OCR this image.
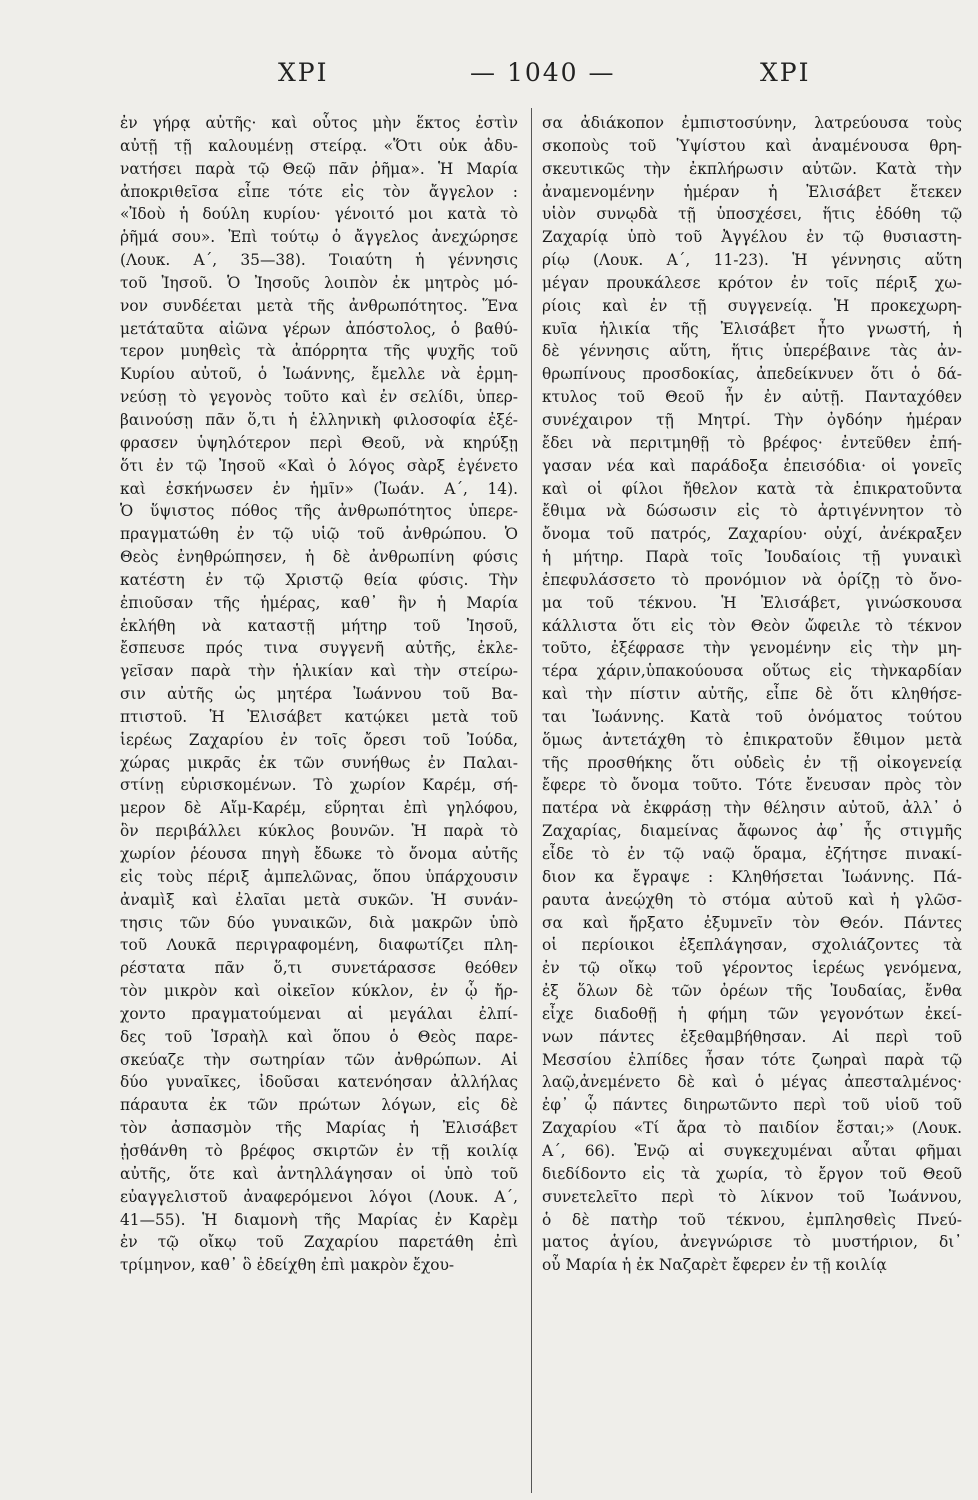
ΧΡΙ	— 1040 —	ΧΡΙ
ἐν γήρᾳ αὐτῆς· καὶ οὗτος μὴν ἕκτος ἐστὶν
αὐτῇ τῇ καλουμένῃ στείρᾳ. «Ὅτι οὐκ ἀδυ-
νατήσει παρὰ τῷ Θεῷ πᾶν ῥῆμα». Ἡ Μαρία
ἀποκριθεῖσα εἶπε τότε εἰς τὸν ἄγγελον :
«Ἰδοὺ ἡ δούλη κυρίου· γένοιτό μοι κατὰ τὸ
ῥῆμά σου». Ἐπὶ τούτῳ ὁ ἄγγελος ἀνεχώρησε
(Λουκ. Α΄, 35—38). Τοιαύτη ἡ γέννησις
τοῦ Ἰησοῦ. Ὁ Ἰησοῦς λοιπὸν ἐκ μητρὸς μό-
νον συνδέεται μετὰ τῆς ἀνθρωπότητος. Ἕνα
μετάταῦτα αἰῶνα γέρων ἀπόστολος, ὁ βαθύ-
τερον μυηθεὶς τὰ ἀπόρρητα τῆς ψυχῆς τοῦ
Κυρίου αὐτοῦ, ὁ Ἰωάννης, ἔμελλε νὰ ἑρμη-
νεύσῃ τὸ γεγονὸς τοῦτο καὶ ἐν σελίδι, ὑπερ-
βαινούσῃ πᾶν ὅ,τι ἡ ἑλληνικὴ φιλοσοφία ἐξέ-
φρασεν ὑψηλότερον περὶ Θεοῦ, νὰ κηρύξῃ
ὅτι ἐν τῷ Ἰησοῦ «Καὶ ὁ λόγος σὰρξ ἐγένετο
καὶ ἐσκήνωσεν ἐν ἡμῖν» (Ἰωάν. Α΄, 14).
Ὁ ὕψιστος πόθος τῆς ἀνθρωπότητος ὑπερε-
πραγματώθη ἐν τῷ υἱῷ τοῦ ἀνθρώπου. Ὁ
Θεὸς ἐνηθρώπησεν, ἡ δὲ ἀνθρωπίνη φύσις
κατέστη ἐν τῷ Χριστῷ θεία φύσις. Τὴν
ἐπιοῦσαν τῆς ἡμέρας, καθ᾽ ἣν ἡ Μαρία
ἐκλήθη νὰ καταστῇ μήτηρ τοῦ Ἰησοῦ,
ἔσπευσε πρός τινα συγγενῆ αὐτῆς, ἐκλε-
γεῖσαν παρὰ τὴν ἡλικίαν καὶ τὴν στείρω-
σιν αὐτῆς ὡς μητέρα Ἰωάννου τοῦ Βα-
πτιστοῦ. Ἡ Ἐλισάβετ κατῴκει μετὰ τοῦ
ἱερέως Ζαχαρίου ἐν τοῖς ὄρεσι τοῦ Ἰούδα,
χώρας μικρᾶς ἐκ τῶν συνήθως ἐν Παλαι-
στίνῃ εὑρισκομένων. Τὸ χωρίον Καρέμ, σή-
μερον δὲ Αἴμ-Καρέμ, εὕρηται ἐπὶ γηλόφου,
ὃν περιβάλλει κύκλος βουνῶν. Ἡ παρὰ τὸ
χωρίον ῥέουσα πηγὴ ἔδωκε τὸ ὄνομα αὐτῆς
εἰς τοὺς πέριξ ἀμπελῶνας, ὅπου ὑπάρχουσιν
ἀναμὶξ καὶ ἐλαῖαι μετὰ συκῶν. Ἡ συνάν-
τησις τῶν δύο γυναικῶν, διὰ μακρῶν ὑπὸ
τοῦ Λουκᾶ περιγραφομένη, διαφωτίζει πλη-
ρέστατα πᾶν ὅ,τι συνετάρασσε θεόθεν
τὸν μικρὸν καὶ οἰκεῖον κύκλον, ἐν ᾧ ἤρ-
χοντο πραγματούμεναι αἱ μεγάλαι ἐλπί-
δες τοῦ Ἰσραὴλ καὶ ὅπου ὁ Θεὸς παρε-
σκεύαζε τὴν σωτηρίαν τῶν ἀνθρώπων. Αἱ
δύο γυναῖκες, ἰδοῦσαι κατενόησαν ἀλλήλας
πάραυτα ἐκ τῶν πρώτων λόγων, εἰς δὲ
τὸν ἀσπασμὸν τῆς Μαρίας ἡ Ἐλισάβετ
ᾐσθάνθη τὸ βρέφος σκιρτῶν ἐν τῇ κοιλίᾳ
αὐτῆς, ὅτε καὶ ἀντηλλάγησαν οἱ ὑπὸ τοῦ
εὐαγγελιστοῦ ἀναφερόμενοι λόγοι (Λουκ. Α΄,
41—55). Ἡ διαμονὴ τῆς Μαρίας ἐν Καρὲμ
ἐν τῷ οἴκῳ τοῦ Ζαχαρίου παρετάθη ἐπὶ
τρίμηνον, καθ᾽ ὃ ἐδείχθη ἐπὶ μακρὸν ἔχου-
σα ἀδιάκοπον ἐμπιστοσύνην, λατρεύουσα τοὺς
σκοποὺς τοῦ Ὑψίστου καὶ ἀναμένουσα θρη-
σκευτικῶς τὴν ἐκπλήρωσιν αὐτῶν. Κατὰ τὴν
ἀναμενομένην ἡμέραν ἡ Ἐλισάβετ ἔτεκεν
υἱὸν συνῳδὰ τῇ ὑποσχέσει, ἥτις ἐδόθη τῷ
Ζαχαρίᾳ ὑπὸ τοῦ Ἀγγέλου ἐν τῷ θυσιαστη-
ρίῳ (Λουκ. Α΄, 11-23). Ἡ γέννησις αὕτη
μέγαν προυκάλεσε κρότον ἐν τοῖς πέριξ χω-
ρίοις καὶ ἐν τῇ συγγενείᾳ. Ἡ προκεχωρη-
κυῖα ἡλικία τῆς Ἐλισάβετ ἦτο γνωστή, ἡ
δὲ γέννησις αὕτη, ἥτις ὑπερέβαινε τὰς ἀν-
θρωπίνους προσδοκίας, ἀπεδείκνυεν ὅτι ὁ δά-
κτυλος τοῦ Θεοῦ ἦν ἐν αὐτῇ. Πανταχόθεν
συνέχαιρον τῇ Μητρί. Τὴν ὀγδόην ἡμέραν
ἔδει νὰ περιτμηθῇ τὸ βρέφος· ἐντεῦθεν ἐπή-
γασαν νέα καὶ παράδοξα ἐπεισόδια· οἱ γονεῖς
καὶ οἱ φίλοι ἤθελον κατὰ τὰ ἐπικρατοῦντα
ἔθιμα νὰ δώσωσιν εἰς τὸ ἀρτιγέννητον τὸ
ὄνομα τοῦ πατρός, Ζαχαρίου· οὐχί, ἀνέκραξεν
ἡ μήτηρ. Παρὰ τοῖς Ἰουδαίοις τῇ γυναικὶ
ἐπεφυλάσσετο τὸ προνόμιον νὰ ὁρίζῃ τὸ ὄνο-
μα τοῦ τέκνου. Ἡ Ἐλισάβετ, γινώσκουσα
κάλλιστα ὅτι εἰς τὸν Θεὸν ὤφειλε τὸ τέκνον
τοῦτο, ἐξέφρασε τὴν γενομένην εἰς τὴν μη-
τέρα χάριν,ὑπακούουσα οὕτως εἰς τὴνκαρδίαν
καὶ τὴν πίστιν αὐτῆς, εἶπε δὲ ὅτι κληθήσε-
ται Ἰωάννης. Κατὰ τοῦ ὀνόματος τούτου
ὅμως ἀντετάχθη τὸ ἐπικρατοῦν ἔθιμον μετὰ
τῆς προσθήκης ὅτι οὐδεὶς ἐν τῇ οἰκογενείᾳ
ἔφερε τὸ ὄνομα τοῦτο. Τότε ἔνευσαν πρὸς τὸν
πατέρα νὰ ἐκφράσῃ τὴν θέλησιν αὐτοῦ, ἀλλ᾽ ὁ
Ζαχαρίας, διαμείνας ἄφωνος ἀφ᾽ ἧς στιγμῆς
εἶδε τὸ ἐν τῷ ναῷ ὅραμα, ἐζήτησε πινακί-
διον κα ἔγραψε : Κληθήσεται Ἰωάννης. Πά-
ραυτα ἀνεῴχθη τὸ στόμα αὐτοῦ καὶ ἡ γλῶσ-
σα καὶ ἤρξατο ἐξυμνεῖν τὸν Θεόν. Πάντες
οἱ περίοικοι ἐξεπλάγησαν, σχολιάζοντες τὰ
ἐν τῷ οἴκῳ τοῦ γέροντος ἱερέως γενόμενα,
ἐξ ὅλων δὲ τῶν ὀρέων τῆς Ἰουδαίας, ἔνθα
εἶχε διαδοθῇ ἡ φήμη τῶν γεγονότων ἐκεί-
νων πάντες ἐξεθαμβήθησαν. Αἱ περὶ τοῦ
Μεσσίου ἐλπίδες ἦσαν τότε ζωηραὶ παρὰ τῷ
λαῷ,ἀνεμένετο δὲ καὶ ὁ μέγας ἀπεσταλμένος·
ἐφ᾽ ᾧ πάντες διηρωτῶντο περὶ τοῦ υἱοῦ τοῦ
Ζαχαρίου «Τί ἄρα τὸ παιδίον ἔσται;» (Λουκ.
Α΄, 66). Ἐνῷ αἱ συγκεχυμέναι αὗται φῆμαι
διεδίδοντο εἰς τὰ χωρία, τὸ ἔργον τοῦ Θεοῦ
συνετελεῖτο περὶ τὸ λίκνον τοῦ Ἰωάννου,
ὁ δὲ πατὴρ τοῦ τέκνου, ἐμπλησθεὶς Πνεύ-
ματος ἁγίου, ἀνεγνώρισε τὸ μυστήριον, δι᾽
οὗ Μαρία ἡ ἐκ Ναζαρὲτ ἔφερεν ἐν τῇ κοιλίᾳ
